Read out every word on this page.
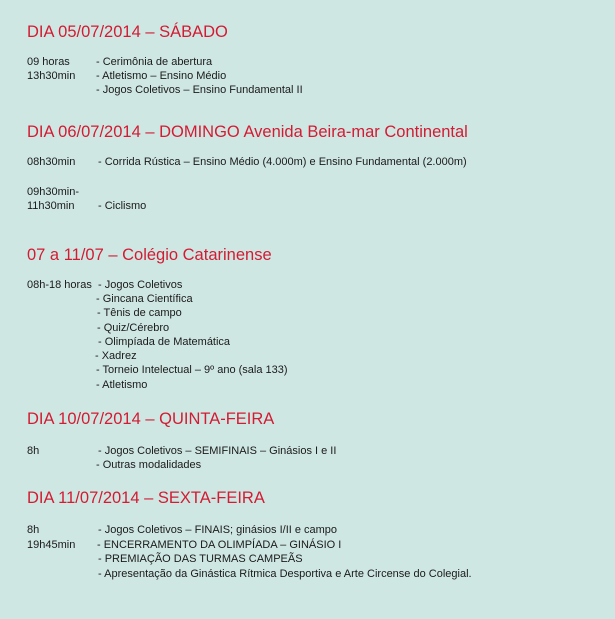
DIA 05/07/2014 – SÁBADO
09 horas - Cerimônia de abertura
13h30min - Atletismo – Ensino Médio
- Jogos Coletivos – Ensino Fundamental II
DIA 06/07/2014 – DOMINGO Avenida Beira-mar Continental
08h30min - Corrida Rústica – Ensino Médio (4.000m) e Ensino Fundamental (2.000m)
09h30min-
11h30min - Ciclismo
07 a 11/07 – Colégio Catarinense
08h-18 horas - Jogos Coletivos
- Gincana Científica
- Tênis de campo
- Quiz/Cérebro
- Olimpíada de Matemática
- Xadrez
- Torneio Intelectual – 9º ano (sala 133)
- Atletismo
DIA 10/07/2014 – QUINTA-FEIRA
8h	- Jogos Coletivos – SEMIFINAIS – Ginásios I e II
- Outras modalidades
DIA 11/07/2014 – SEXTA-FEIRA
8h	- Jogos Coletivos – FINAIS; ginásios I/II e campo
19h45min - ENCERRAMENTO DA OLIMPÍADA – GINÁSIO I
- PREMIAÇÃO DAS TURMAS CAMPEÃS
- Apresentação da Ginástica Rítmica Desportiva e Arte Circense do Colegial.
